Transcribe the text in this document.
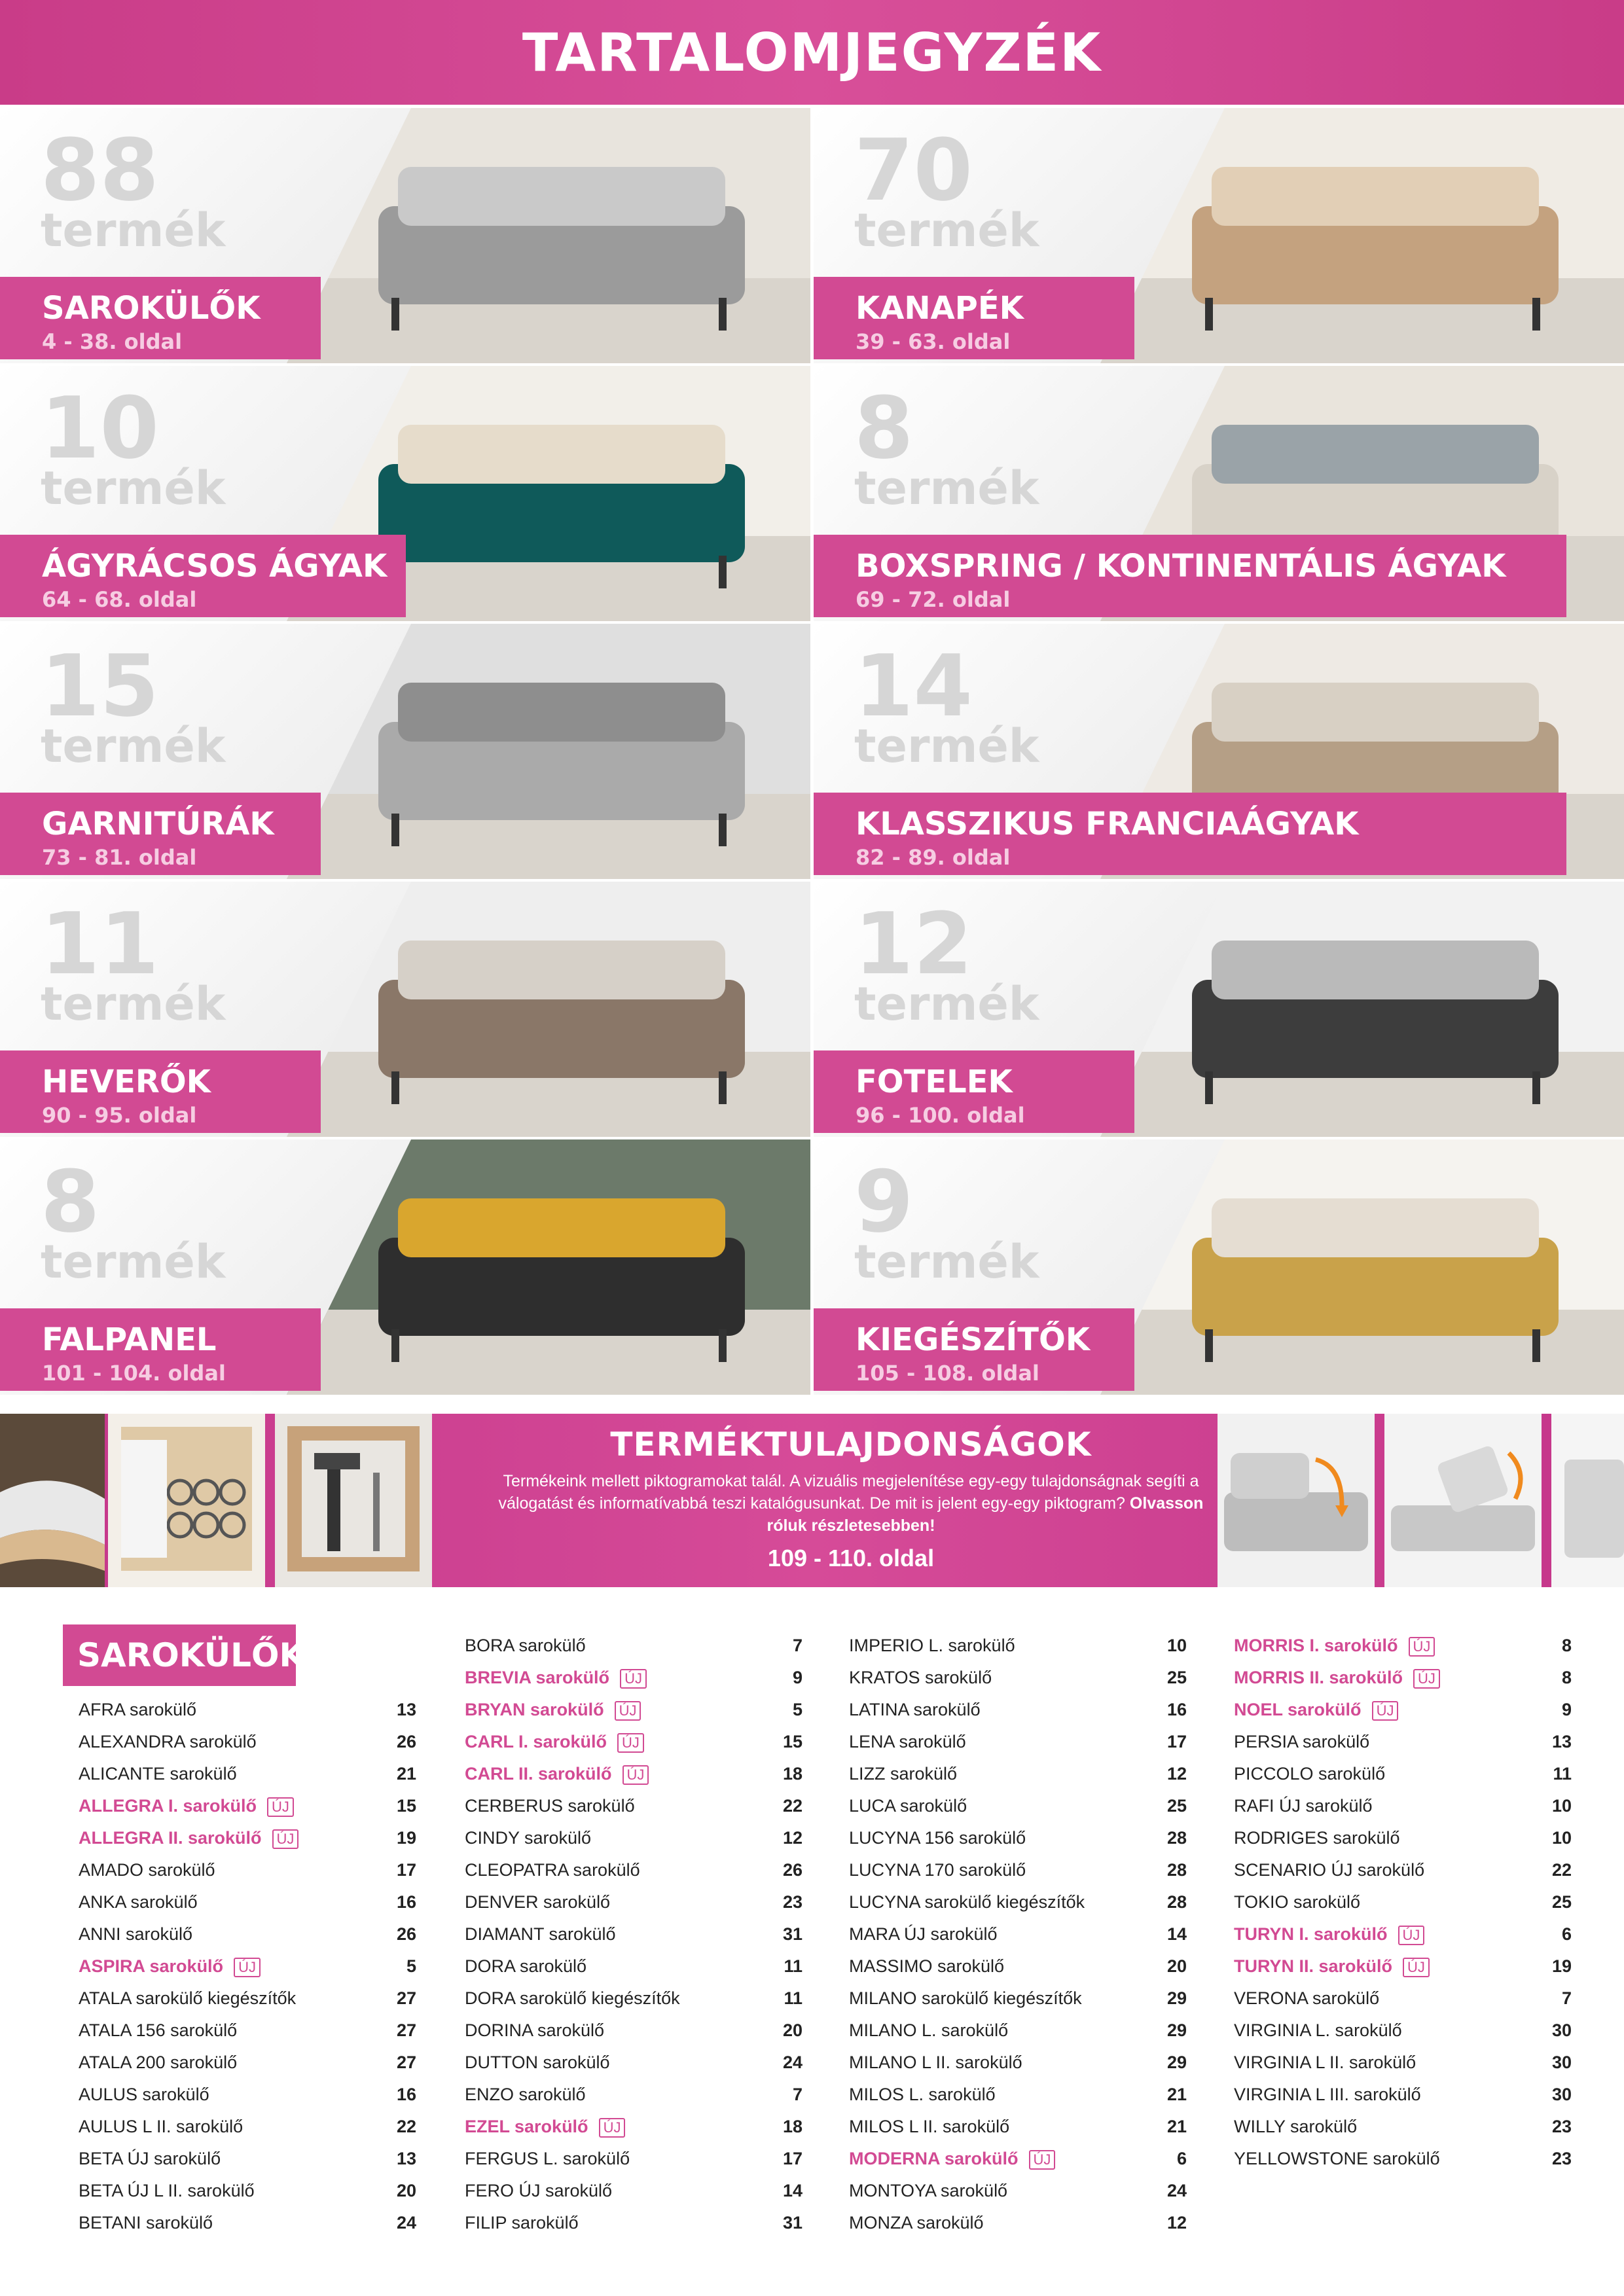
TARTALOMJEGYZÉK
88
termék
SAROKÜLŐK
4 - 38. oldal
70
termék
KANAPÉK
39 - 63. oldal
10
termék
ÁGYRÁCSOS ÁGYAK
64 - 68. oldal
8
termék
BOXSPRING / KONTINENTÁLIS ÁGYAK
69 - 72. oldal
15
termék
GARNITÚRÁK
73 - 81. oldal
14
termék
KLASSZIKUS FRANCIAÁGYAK
82 - 89. oldal
11
termék
HEVERŐK
90 - 95. oldal
12
termék
FOTELEK
96 - 100. oldal
8
termék
FALPANEL
101 - 104. oldal
9
termék
KIEGÉSZÍTŐK
105 - 108. oldal
TERMÉKTULAJDONSÁGOK

Termékeink mellett piktogramokat talál. A vizuális megjelenítése egy-egy tulajdonságnak segíti a válogatást és informatívabbá teszi katalógusunkat. De mit is jelent egy-egy piktogram? Olvasson róluk részletesebben!

109 - 110. oldal
SAROKÜLŐK
AFRA sarokülő	13
ALEXANDRA sarokülő	26
ALICANTE sarokülő	21
ALLEGRA I. sarokülő ÚJ	15
ALLEGRA II. sarokülő ÚJ	19
AMADO sarokülő	17
ANKA sarokülő	16
ANNI sarokülő	26
ASPIRA sarokülő ÚJ	5
ATALA sarokülő kiegészítők	27
ATALA 156 sarokülő	27
ATALA 200 sarokülő	27
AULUS sarokülő	16
AULUS L II. sarokülő	22
BETA ÚJ sarokülő	13
BETA ÚJ L II. sarokülő	20
BETANI sarokülő	24
BORA sarokülő	7
BREVIA sarokülő ÚJ	9
BRYAN sarokülő ÚJ	5
CARL I. sarokülő ÚJ	15
CARL II. sarokülő ÚJ	18
CERBERUS sarokülő	22
CINDY sarokülő	12
CLEOPATRA sarokülő	26
DENVER sarokülő	23
DIAMANT sarokülő	31
DORA sarokülő	11
DORA sarokülő kiegészítők	11
DORINA sarokülő	20
DUTTON sarokülő	24
ENZO sarokülő	7
EZEL sarokülő ÚJ	18
FERGUS L. sarokülő	17
FERO ÚJ sarokülő	14
FILIP sarokülő	31
IMPERIO L. sarokülő	10
KRATOS sarokülő	25
LATINA sarokülő	16
LENA sarokülő	17
LIZZ sarokülő	12
LUCA sarokülő	25
LUCYNA 156 sarokülő	28
LUCYNA 170 sarokülő	28
LUCYNA sarokülő kiegészítők	28
MARA ÚJ sarokülő	14
MASSIMO sarokülő	20
MILANO sarokülő kiegészítők	29
MILANO L. sarokülő	29
MILANO L II. sarokülő	29
MILOS L. sarokülő	21
MILOS L II. sarokülő	21
MODERNA sarokülő ÚJ	6
MONTOYA sarokülő	24
MONZA sarokülő	12
MORRIS I. sarokülő ÚJ	8
MORRIS II. sarokülő ÚJ	8
NOEL sarokülő ÚJ	9
PERSIA sarokülő	13
PICCOLO sarokülő	11
RAFI ÚJ sarokülő	10
RODRIGES sarokülő	10
SCENARIO ÚJ sarokülő	22
TOKIO sarokülő	25
TURYN I. sarokülő ÚJ	6
TURYN II. sarokülő ÚJ	19
VERONA sarokülő	7
VIRGINIA L. sarokülő	30
VIRGINIA L II. sarokülő	30
VIRGINIA L III. sarokülő	30
WILLY sarokülő	23
YELLOWSTONE sarokülő	23
